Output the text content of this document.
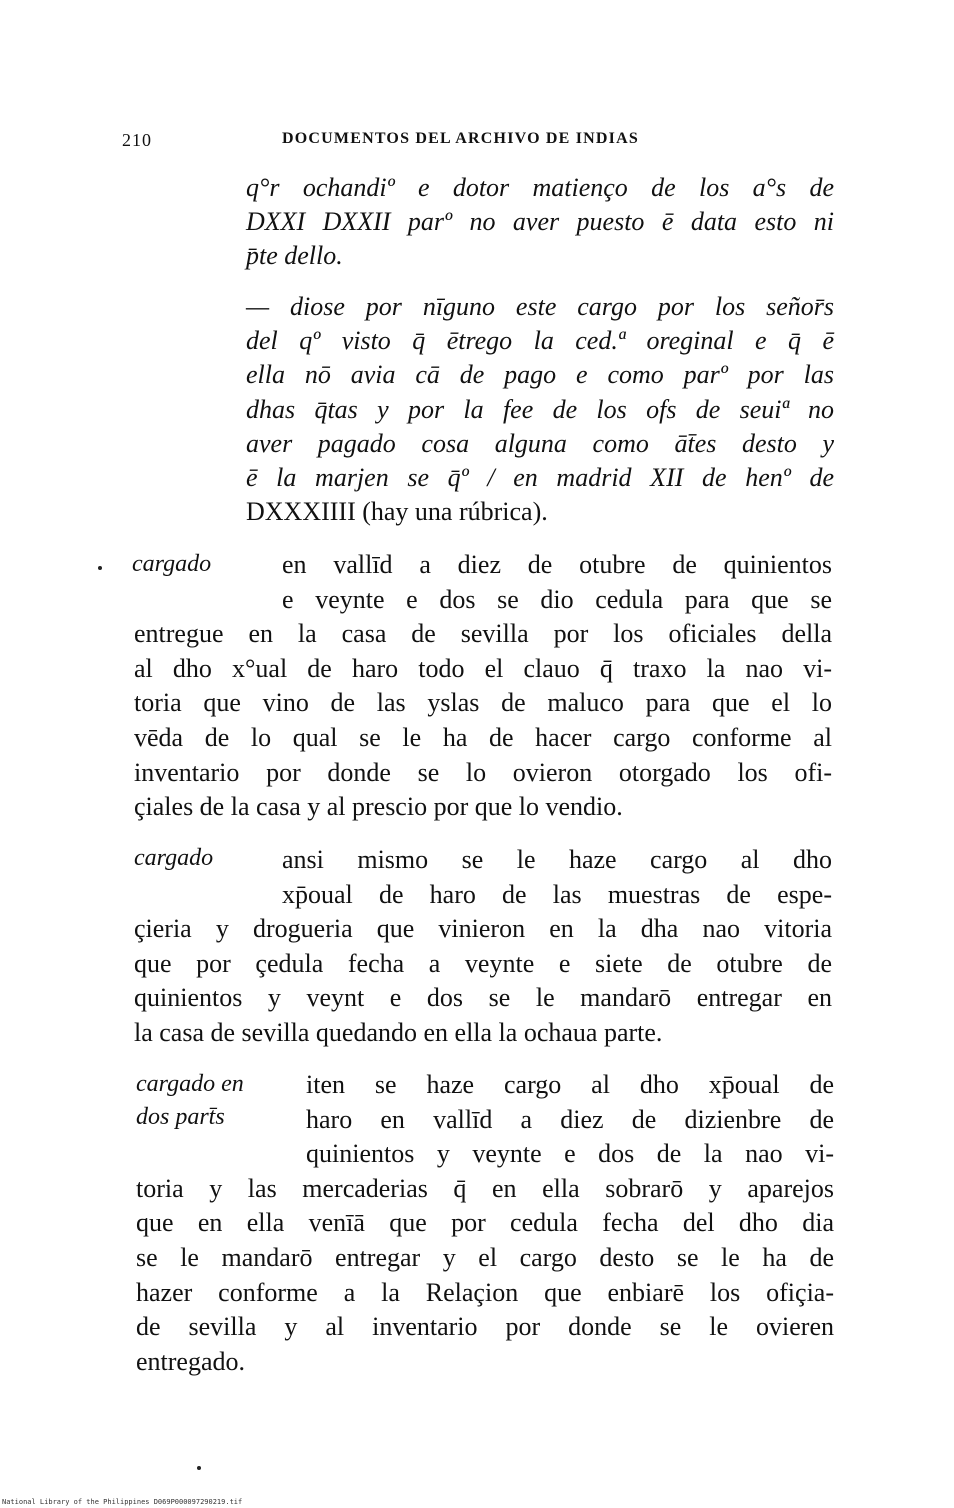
210	DOCUMENTOS DEL ARCHIVO DE INDIAS
q°r ochandiº e dotor matienço de los a°s de
DXXI DXXII parº no aver puesto ē data esto ni
p̄te dello.
— diose por nīguno este cargo por los señor̄s
del qº visto q̄ ētrego la ced.ª oreginal e q̄ ē
ella nō avia cā de pago e como parº por las
dhas q̄tas y por la fee de los ofs de seuiª no
aver pagado cosa alguna como āt̄es desto y
ē la marjen se q̄º / en madrid XII de henº de
DXXXIIII (hay una rúbrica).
cargado	en vallīd a diez de otubre de quinientos
e veynte e dos se dio cedula para que se
entregue en la casa de sevilla por los oficiales della
al dho x°ual de haro todo el clauo q̄ traxo la nao vi-
toria que vino de las yslas de maluco para que el lo
vēda de lo qual se le ha de hacer cargo conforme al
inventario por donde se lo ovieron otorgado los ofi-
çiales de la casa y al prescio por que lo vendio.
cargado	ansi mismo se le haze cargo al dho
xp̄oual de haro de las muestras de espe-
çieria y drogueria que vinieron en la dha nao vitoria
que por çedula fecha a veynte e siete de otubre de
quinientos y veynt e dos se le mandarō entregar en
la casa de sevilla quedando en ella la ochaua parte.
cargado en
dos part̄s
iten se haze cargo al dho xp̄oual de
haro en vallīd a diez de dizienbre de
quinientos y veynte e dos de la nao vi-
toria y las mercaderias q̄ en ella sobrarō y aparejos
que en ella venīā que por cedula fecha del dho dia
se le mandarō entregar y el cargo desto se le ha de
hazer conforme a la Relaçion que enbiarē los ofiçia-
de sevilla y al inventario por donde se le ovieren
entregado.
National Library of the Philippines D069P000097290219.tif
